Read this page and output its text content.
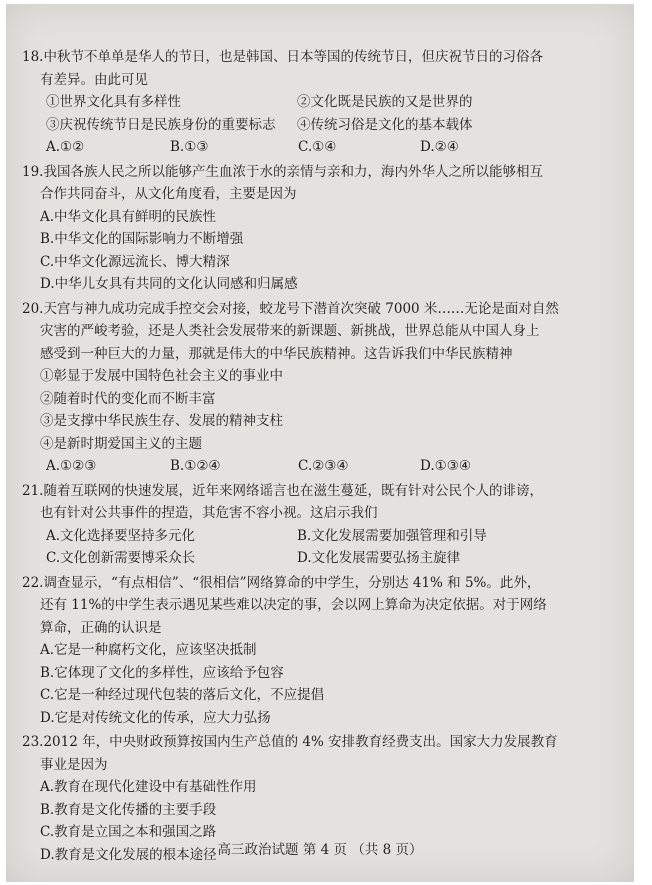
18.中秋节不单单是华人的节日，也是韩国、日本等国的传统节日，但庆祝节日的习俗各
有差异。由此可见
①世界文化具有多样性	②文化既是民族的又是世界的
③庆祝传统节日是民族身份的重要标志 ④传统习俗是文化的基本载体
A.①②	B.①③	C.①④	D.②④
19.我国各族人民之所以能够产生血浓于水的亲情与亲和力，海内外华人之所以能够相互
合作共同奋斗，从文化角度看，主要是因为
A.中华文化具有鲜明的民族性
B.中华文化的国际影响力不断增强
C.中华文化源远流长、博大精深
D.中华儿女具有共同的文化认同感和归属感
20.天宫与神九成功完成手控交会对接，蛟龙号下潜首次突破 7000 米……无论是面对自然
灾害的严峻考验，还是人类社会发展带来的新课题、新挑战，世界总能从中国人身上
感受到一种巨大的力量，那就是伟大的中华民族精神。这告诉我们中华民族精神
①彰显于发展中国特色社会主义的事业中
②随着时代的变化而不断丰富
③是支撑中华民族生存、发展的精神支柱
④是新时期爱国主义的主题
A.①②③	B.①②④	C.②③④	D.①③④
21.随着互联网的快速发展，近年来网络谣言也在滋生蔓延，既有针对公民个人的诽谤，
也有针对公共事件的捏造，其危害不容小视。这启示我们
A.文化选择要坚持多元化	B.文化发展需要加强管理和引导
C.文化创新需要博采众长	D.文化发展需要弘扬主旋律
22.调查显示，“有点相信”、“很相信”网络算命的中学生，分别达 41% 和 5%。此外，
还有 11%的中学生表示遇见某些难以决定的事，会以网上算命为决定依据。对于网络
算命，正确的认识是
A.它是一种腐朽文化，应该坚决抵制
B.它体现了文化的多样性，应该给予包容
C.它是一种经过现代包装的落后文化，不应提倡
D.它是对传统文化的传承，应大力弘扬
23.2012 年，中央财政预算按国内生产总值的 4% 安排教育经费支出。国家大力发展教育
事业是因为
A.教育在现代化建设中有基础性作用
B.教育是文化传播的主要手段
C.教育是立国之本和强国之路
D.教育是文化发展的根本途径 高三政治试题 第 4 页 （共 8 页）
